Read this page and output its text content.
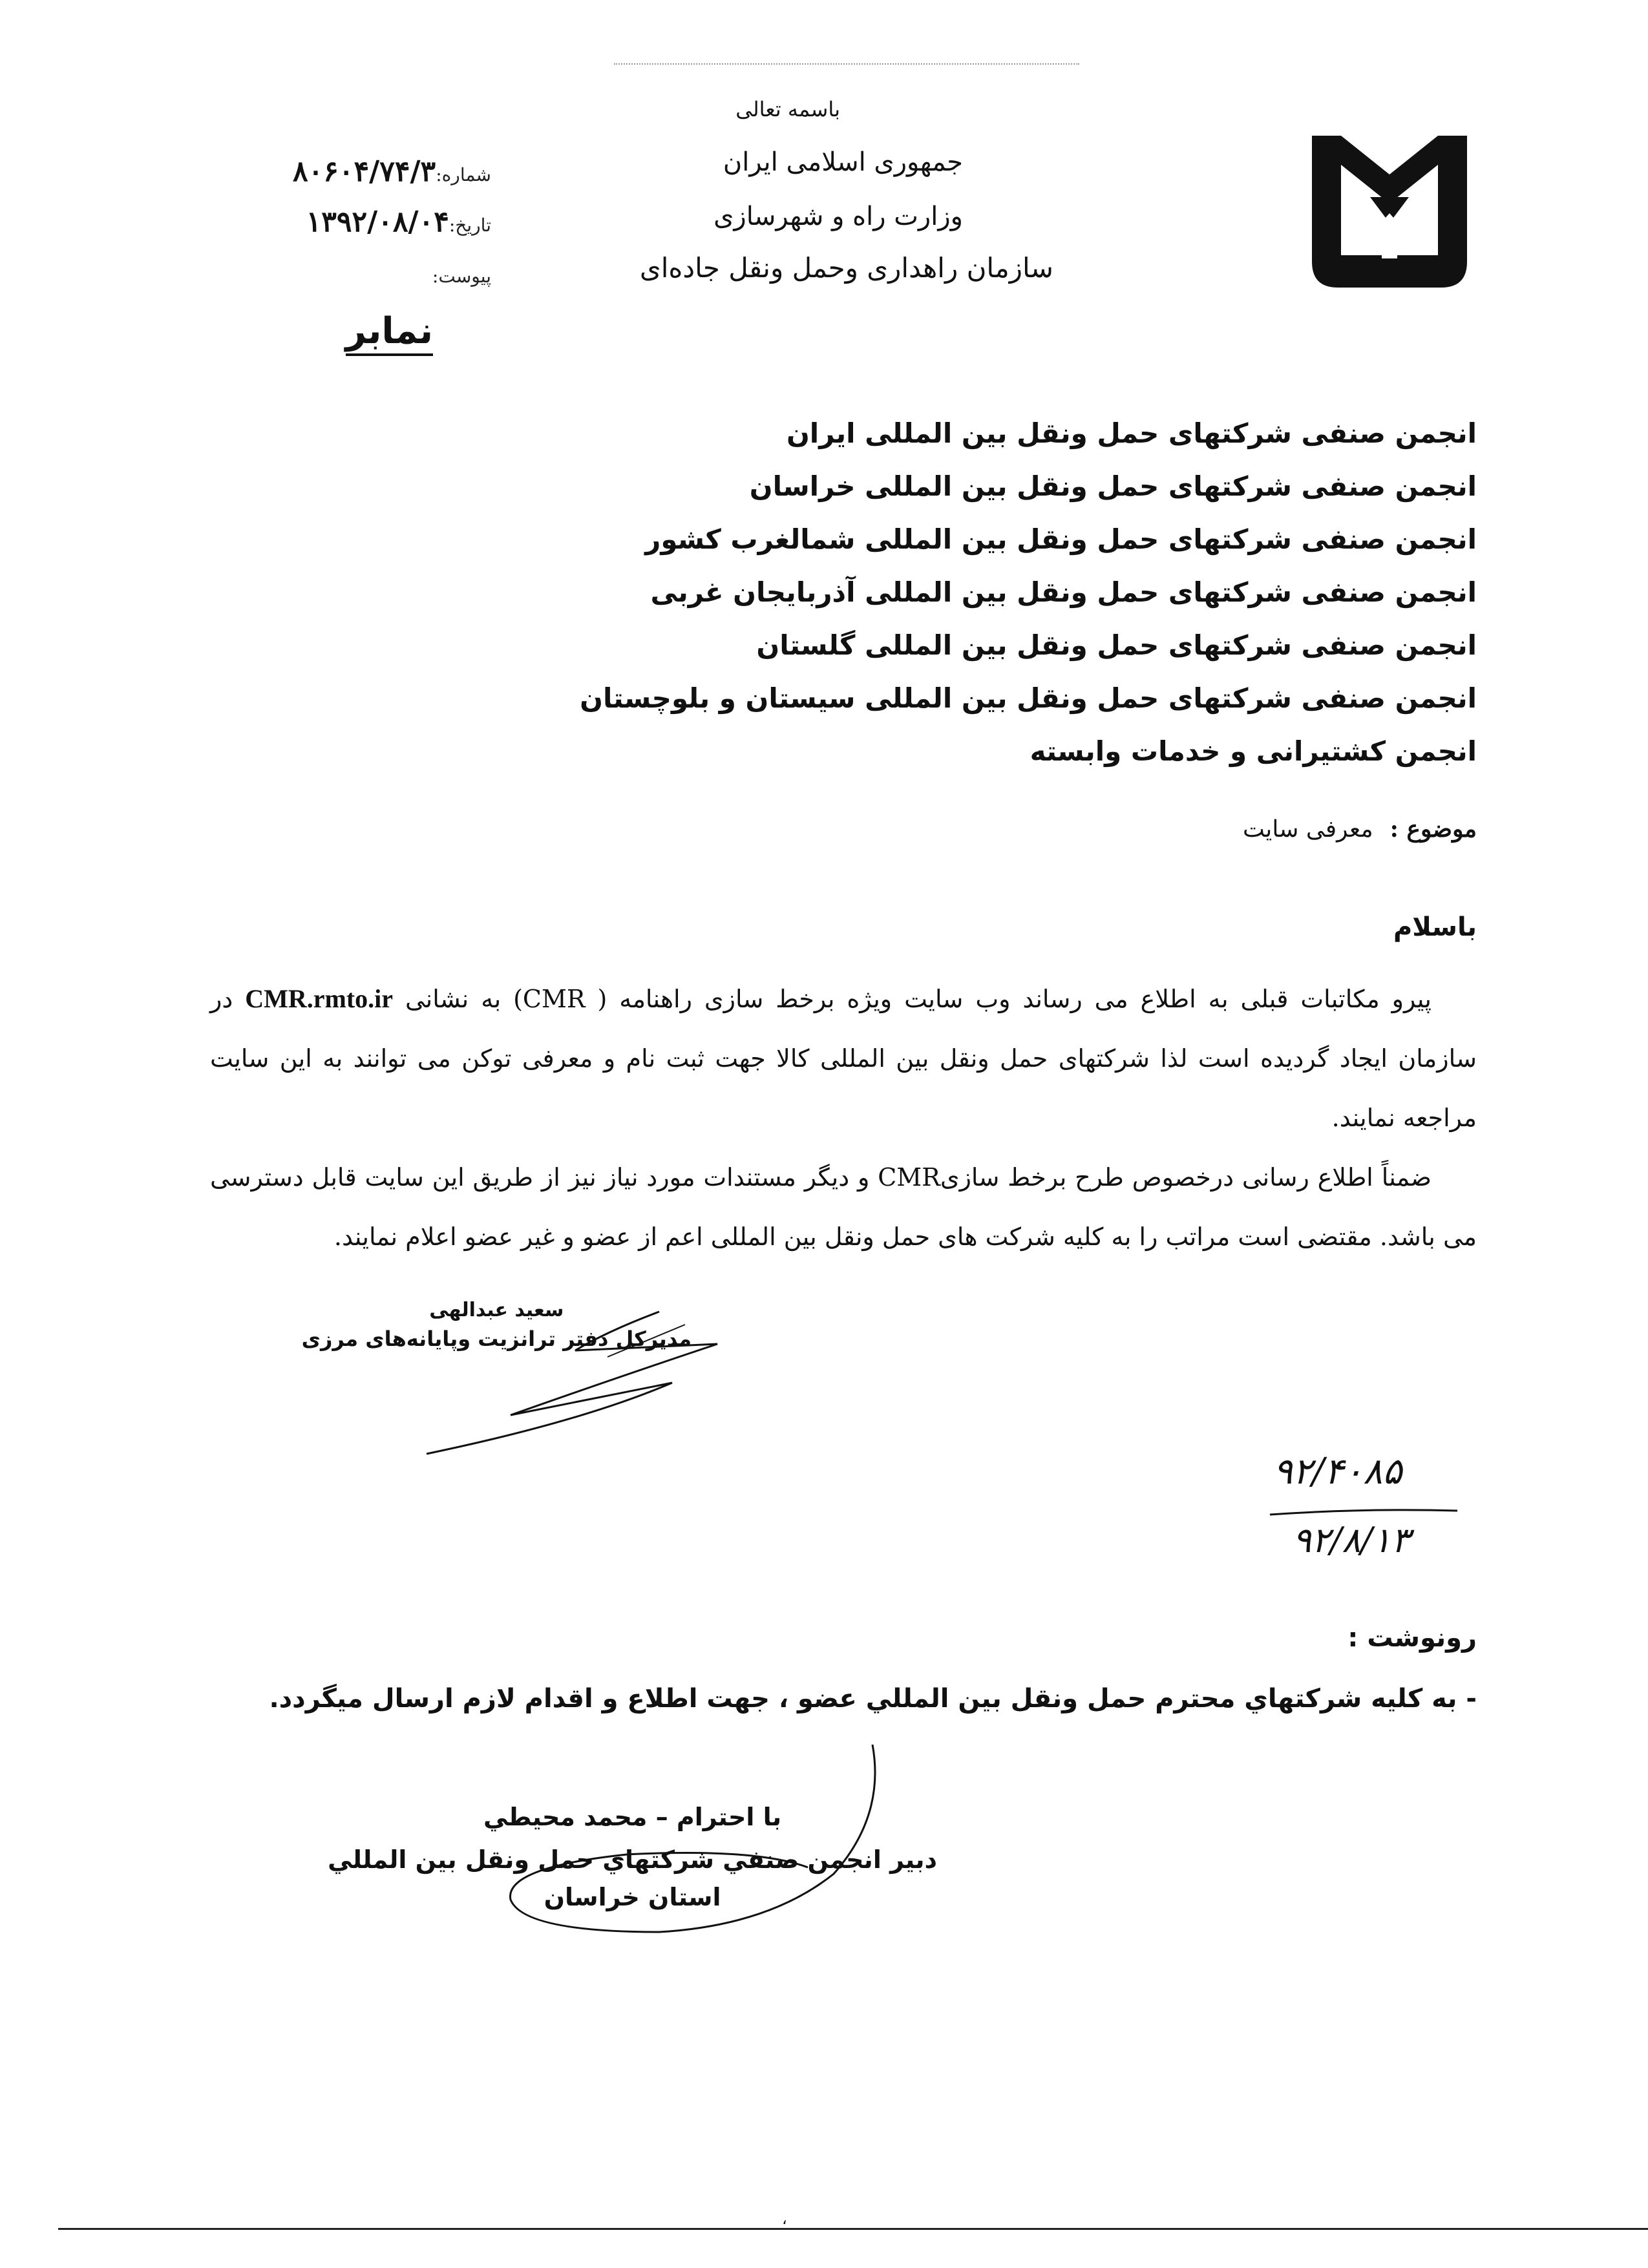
باسمه تعالی
جمهوری اسلامی ایران
وزارت راه و شهرسازی
سازمان راهداری وحمل ونقل جاده‌ای
شماره:۸۰۶۰۴/۷۴/۳
تاریخ:۱۳۹۲/۰۸/۰۴
پیوست:
نمابر
انجمن صنفی شرکتهای حمل ونقل بین المللی ایران
انجمن صنفی شرکتهای حمل ونقل بین المللی خراسان
انجمن صنفی شرکتهای حمل ونقل بین المللی شمالغرب کشور
انجمن صنفی شرکتهای حمل ونقل بین المللی آذربایجان غربی
انجمن صنفی شرکتهای حمل ونقل بین المللی گلستان
انجمن صنفی شرکتهای حمل ونقل بین المللی سیستان و بلوچستان
انجمن کشتیرانی و خدمات وابسته
موضوع :معرفی سایت
باسلام

پیرو مکاتبات قبلی به اطلاع می رساند وب سایت ویژه برخط سازی راهنامه ( CMR) به نشانی CMR.rmto.ir در سازمان ایجاد گردیده است لذا شرکتهای حمل ونقل بین المللی کالا جهت ثبت نام و معرفی توکن می توانند به این سایت مراجعه نمایند.

ضمناً اطلاع رسانی درخصوص طرح برخط سازیCMR و دیگر مستندات مورد نیاز نیز از طریق این سایت قابل دسترسی می باشد. مقتضی است مراتب را به کلیه شرکت های حمل ونقل بین المللی اعم از عضو و غیر عضو اعلام نمایند.

سعید عبدالهی
مدیرکل دفتر ترانزیت وپایانه‌های مرزی
۹۲/۴۰۸۵
۹۲/۸/۱۳
رونوشت :
- به کلیه شرکتهاي محترم حمل ونقل بین المللي عضو ، جهت اطلاع و اقدام لازم ارسال میگردد.
با احترام – محمد محیطي
دبیر انجمن صنفي شرکتهاي حمل ونقل بین المللي
استان خراسان
،
